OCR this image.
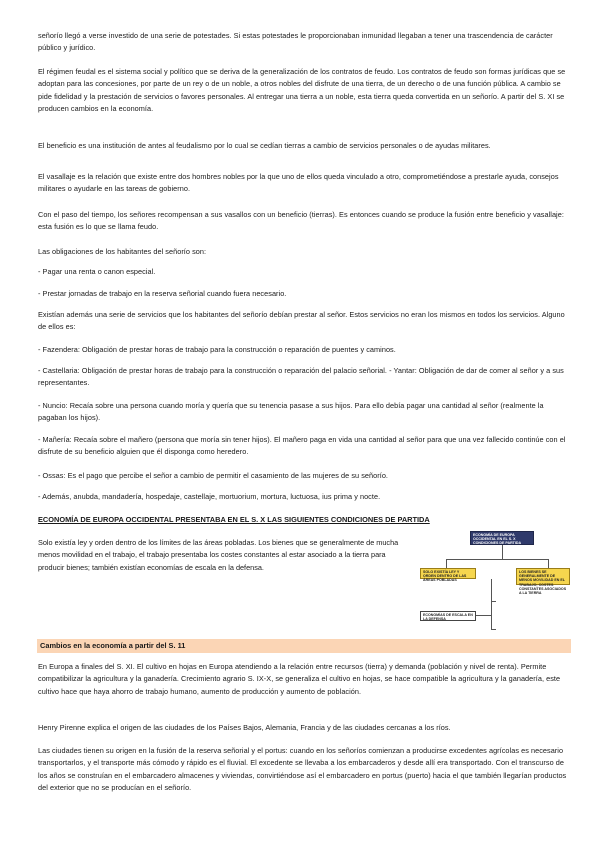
señorío llegó a verse investido de una serie de potestades. Si estas potestades le proporcionaban inmunidad llegaban a tener una trascendencia de carácter público y jurídico.

El régimen feudal es el sistema social y político que se deriva de la generalización de los contratos de feudo. Los contratos de feudo son formas jurídicas que se adoptan para las concesiones, por parte de un rey o de un noble, a otros nobles del disfrute de una tierra, de un derecho o de una función pública. A cambio se pide fidelidad y la prestación de servicios o favores personales. Al entregar una tierra a un noble, esta tierra queda convertida en un señorío. A partir del S. XI se producen cambios en la economía.

El beneficio es una institución de antes al feudalismo por lo cual se cedían tierras a cambio de servicios personales o de ayudas militares.

El vasallaje es la relación que existe entre dos hombres nobles por la que uno de ellos queda vinculado a otro, comprometiéndose a prestarle ayuda, consejos militares o ayudarle en las tareas de gobierno.

Con el paso del tiempo, los señores recompensan a sus vasallos con un beneficio (tierras). Es entonces cuando se produce la fusión entre beneficio y vasallaje: esta fusión es lo que se llama feudo.

Las obligaciones de los habitantes del señorío son:

- Pagar una renta o canon especial.

- Prestar jornadas de trabajo en la reserva señorial cuando fuera necesario.

Existían además una serie de servicios que los habitantes del señorío debían prestar al señor. Estos servicios no eran los mismos en todos los servicios. Alguno de ellos es:

- Fazendera: Obligación de prestar horas de trabajo para la construcción o reparación de puentes y caminos.

- Castellaria: Obligación de prestar horas de trabajo para la construcción o reparación del palacio señorial. - Yantar: Obligación de dar de comer al señor y a sus representantes.

- Nuncio: Recaía sobre una persona cuando moría y quería que su tenencia pasase a sus hijos. Para ello debía pagar una cantidad al señor (realmente la pagaban los hijos).

- Mañería: Recaía sobre el mañero (persona que moría sin tener hijos). El mañero paga en vida una cantidad al señor para que una vez fallecido continúe con el disfrute de su beneficio alguien que él disponga como heredero.

- Ossas: Es el pago que percibe el señor a cambio de permitir el casamiento de las mujeres de su señorío.

- Además, anubda, mandadería, hospedaje, castellaje, mortuorium, mortura, luctuosa, ius prima y nocte.

ECONOMÍA DE EUROPA OCCIDENTAL PRESENTABA EN EL S. X LAS SIGUIENTES CONDICIONES DE PARTIDA

Solo existía ley y orden dentro de los límites de las áreas pobladas. Los bienes que se generalmente de mucha menos movilidad en el trabajo, el trabajo presentaba los costes constantes al estar asociado a la tierra para producir bienes; también existían economías de escala en la defensa.

ECONOMÍA DE EUROPA OCCIDENTAL EN EL S. X CONDICIONES DE PARTIDA
SOLO EXISTÍA LEY Y ORDEN DENTRO DE LAS ÁREAS POBLADAS
LOS BIENES SE GENERALMENTE DE MENOS MOVILIDAD EN EL TRABAJO; COSTES CONSTANTES ASOCIADOS A LA TIERRA
ECONOMÍAS DE ESCALA EN LA DEFENSA
Cambios en la economía a partir del S. 11

En Europa a finales del S. XI. El cultivo en hojas en Europa atendiendo a la relación entre recursos (tierra) y demanda (población y nivel de renta). Permite compatibilizar la agricultura y la ganadería. Crecimiento agrario S. IX-X, se generaliza el cultivo en hojas, se hace compatible la agricultura y la ganadería, este cultivo hace que haya ahorro de trabajo humano, aumento de producción y aumento de población.

Henry Pirenne explica el origen de las ciudades de los Países Bajos, Alemania, Francia y de las ciudades cercanas a los ríos.

Las ciudades tienen su origen en la fusión de la reserva señorial y el portus: cuando en los señoríos comienzan a producirse excedentes agrícolas es necesario transportarlos, y el transporte más cómodo y rápido es el fluvial. El excedente se llevaba a los embarcaderos y desde allí era transportado. Con el transcurso de los años se construían en el embarcadero almacenes y viviendas, convirtiéndose así el embarcadero en portus (puerto) hacia el que también llegarían productos del exterior que no se producían en el señorío.
